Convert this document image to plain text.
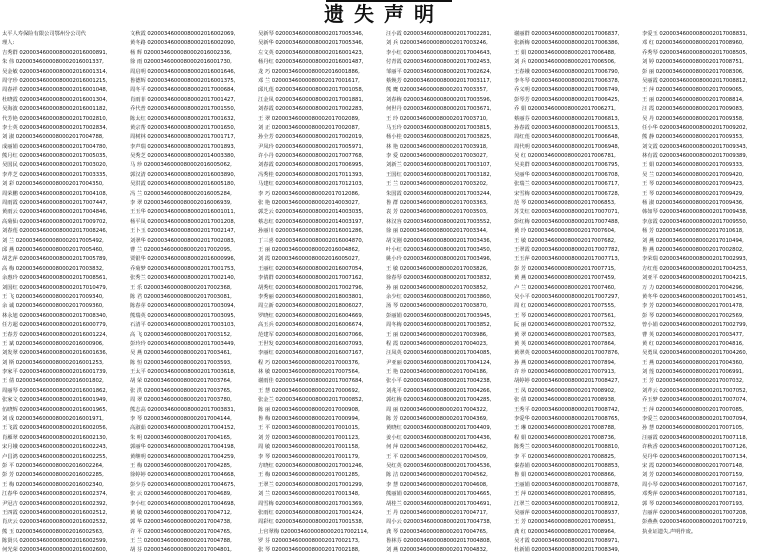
遗失声明
太平人寿保险有限公司鄂州分公司代
理人:
吉秀群 02000346000080002016000891,
朱 伟 02000346000080002016001337,
吴金敏 02000346000080002016001314,
周守珍 02000346000080002016001215,
周春祥 02000346000080002016001048,
杜晓霞 02000346000080002016001304,
吴海波 02000346000080002016001182,
代芳艳 02000346000080002017002810,
李士英 02000346000080002017002834,
刘 淑 02000346000080002017004788,
成丽娟 02000346000080002017004780,
熊月红 02000346000080002017005035,
吴国民 02000346000080002017003020,
李芹芝 02000346000080002017003335,
刘 彩 02000346000080002017004350,
周荣鹏 02000346000080002017004108,
周雨霞 02000346000080002017007447,
黄雨云 02000346000080002017004846,
高菊仙 02000346000080002017009702,
刘春莲 02000346000080002017008246,
刘 兰 02000346000080002017005492,
邱 燕 02000346000080002017005460,
胡艺萍 02000346000080002017005789,
高 梅 02000346000080002017003832,
余惠玲 02000346000080002017008561,
刘国红 02000346000080002017010479,
王 飞 02000346000080002017009340,
余 诚 02000346000080002017009360,
林永旭 02000346000080002017008340,
任方超 02000346000080002016000779,
王春芳 02000346000080002016001224,
王 斌 02000346000080002016000906,
刘发翠 02000346000080002016001636,
刘 斯 02000346000080002016001253,
李家平 02000346000080002016001739,
王 倩 02000346000080002016001802,
周丽琴 02000346000080002016001862,
张家文 02000346000080002016001949,
伍晓辉 02000346000080002016001965,
刘 成 02000346000080002016001971,
王飞霞 02000346000080002016002056,
肖雁翠 02000346000080002016002130,
宋月娥 02000346000080002016002243,
卢昌鸿 02000346000080002016002255,
彭 平 02000346000080002016002264,
彭 芳 02000346000080002016002285,
王 梅 02000346000080002016002340,
江春华 02000346000080002016002374,
尹冠吉 02000346000080002016002392,
王四霞 02000346000080002016002512,
肖庆云 02000346000080002016002532,
熊 玉 02000346000080002016002563,
陈贤兴 02000346000080002016002599,
何光荣 02000346000080002016002600,
文秋霞 02000346000080002016002069,
黄冬路 02000346000080002016002090,
杨 辉 02000346000080002016002336,
徐 雨 02000346000080002016001730,
周启明 02000346000080002016001646,
鲁德辉 02000346000080002016001375,
周冬平 02000346000080002017000684,
肖雨菲 02000346000080002017001427,
乔代普 02000346000080002017001550,
陈太红 02000346000080002017001632,
黄宗帮 02000346000080002017001650,
周树林 02000346000080002017001717,
李声瑞 02000346000080002017001893,
吴秀芝 02000346000080002014003380,
马 珍 02000346000080002016005062,
郭汉清 02000346000080002016003890,
吴洪霞 02000346000080002016005180,
冯 兰 02000346000080002016005284,
李 翠 02000346000080002016006939,
王玉华 02000346000080002016001011,
杨平凤 02000346000080002017001208,
王卜玉 02000346000080002017002147,
刘翠华 02000346000080002017002083,
曹 兰 02000346000080002017002095,
贾银华 02000346000080002016000996,
乔菊梦 02000346000080002017001753,
张秀兰 02000346000080002017002140,
王 乐 02000346000080002017002368,
陈 君 02000346000080002017003081,
陈春芽 02000346000080002017003094,
熊瑞英 02000346000080002017003095,
石清平 02000346000080002017003103,
高 飞 02000346000080002017003152,
彭玲玲 02000346000080002017003449,
吴 燕 02000346000080002017003461,
陈 恒 02000346000080002017003593,
王太平 02000346000080002017003618,
胡 荣 02000346000080002017003764,
张 洪 02000346000080002017003765,
周 翠 02000346000080002017003780,
熊志高 02000346000080002017003831,
李 琴 02000346000080002017004144,
高淑茹 02000346000080002017004152,
朱 明 02000346000080002017004165,
郭丽华 02000346000080002017004198,
黄继明 02000346000080002017004259,
王 梅 02000346000080002017004285,
徐婷婷 02000346000080002017004668,
彭少芬 02000346000080002017004675,
张 云 02000346000080002017004689,
李小红 02000346000080002017004698,
黄 敏 02000346000080002017004712,
郭 华 02000346000080002017004738,
许 平 02000346000080002017004765,
王 兰 02000346000080002017004788,
胡 芬 02000346000080002017004801,
吴新琴 02000346000080002017005346,
吴新华 02000346000080002017005346,
左文英 02000346000080002016001423,
杨丹红 02000346000080002016001487,
龙 巧 02000346000080002016001886,
邓 兰 02000346000080002017001617,
邱凡莲 02000346000080002017001058,
江金凤 02000346000080002017001881,
刘春霞 02000346000080002017002283,
王 翠 02000346000080002017002089,
刘 正 02000346000080002017002087,
孙全芳 02000346000080002017002019,
尹凤玲 02000346000080002017005971,
许小丹 02000346000080002017007768,
刘春霞 02000346000080002017006995,
冯秀桂 02000346000080002017011393,
马建红 02000346000080002017012103,
李 巧 02000346000080002017012086,
张 艳 02000346000080002014003027,
郭芝云 02000346000080002014003035,
蔡志红 02000346000080002014003197,
孙丽川 02000346000080002016001286,
丁三喜 02000346000080002016004870,
王 丽 02000346000080002016004862,
刘 霞 02000346000080002016005027,
王丽红 02000346000080002016007054,
李倩群 02000346000080002017007162,
胡秀红 02000346000080002017002796,
李秀丽 02000346000080002018003801,
周立新 02000346000080002018006027,
罗晓红 02000346000080002016004669,
高玉兵 02000346000080002016006674,
范建军 02000346000080002016007066,
王世发 02000346000080002016007093,
李丽红 02000346000080002016007167,
程 巧 02000346000080002017000376,
林 敏 02000346000080002017007564,
谢雨佳 02000346000080002017007684,
王 慧 02000346000080002017000692,
张金兰 02000346000080002017000852,
陈 丽 02000346000080002017000908,
鲁 梅 02000346000080002017000994,
王 平 02000346000080002017001015,
刘 芳 02000346000080002017001123,
周 敏 02000346000080002017001158,
李 琴 02000346000080002017001179,
方晓红 02000346000080002017001246,
王 梅 02000346000080002017001285,
王翠兰 02000346000080002017001299,
刘 兰 02000346000080002017001348,
周雪梅 02000346000080002017001369,
张雨红 02000346000080002017001424,
周彩红 02000346000080002017001538,
上官翠梅 02000346000080002017002114,
罗 芬 02000346000080002017002173,
张 琴 02000346000080002017002188,
汪小霞 02000346000080002017002281,
刘 兵 02000346000080002017003246,
李小红 02000346000080002017004643,
付青霞 02000346000080002017002453,
邹丽平 02000346000080002017002624,
蔡焕芳 02000346000080002017003117,
熊 鹰 02000346000080002017003357,
刘春梅 02000346000080002017003596,
何世丹 02000346000080002017003671,
王 玲 02000346000080002017003710,
马玉玲 02000346000080002017003815,
杨小桂 02000346000080002017003825,
林 艳 02000346000080002017003918,
李 爱 02000346000080002017003027,
刘新兰 02000346000080002017003107,
王国红 02000346000080002017003182,
王 兰 02000346000080002017003202,
朱国霞 02000346000080002017003244,
鲁 群 02000346000080002017003363,
袁 芳 02000346000080002017003503,
林汉容 02000346000080002017003552,
徐 丽 02000346000080002017003344,
胡文刚 02000346000080002017003436,
叶小红 02000346000080002017003450,
姚小玲 02000346000080002017003496,
王 敏 02000346000080002017003826,
徐春琴 02000346000080002017003832,
孙 丽 02000346000080002017003852,
余少红 02000346000080002017003860,
汤 琴 02000346000080002017003870,
彭丽娟 02000346000080002017003945,
周冬梅 02000346000080002017003852,
王 丽 02000346000080002017003986,
程 霞 02000346000080002017004023,
汪凤英 02000346000080002017004085,
尹亚丽 02000346000080002017004124,
王 艳 02000346000080002017004186,
张小平 02000346000080002017004238,
刘兆平 02000346000080002017004266,
郭红梅 02000346000080002017004285,
周 丽 02000346000080002017004322,
陈 芳 02000346000080002017004369,
黄晓红 02000346000080002017004409,
姜小红 02000346000080002017004436,
何 萍 02000346000080002017004462,
王 平 02000346000080002017004509,
吴红英 02000346000080002017004536,
陈 洁 02000346000080002017004562,
李 慧 02000346000080002017004608,
熊丽娟 02000346000080002017004665,
胡桂兰 02000346000080002017004691,
王 丹 02000346000080002017004717,
周小云 02000346000080002017004738,
龚 琴 02000346000080002017004765,
鲁林芬 02000346000080002017004808,
刘 燕 02000346000080002017004832,
谢丽群 02000346000080002017006837,
张新梅 02000346000080002017006386,
王 娟 02000346000080002017006488,
刘 兵 02000346000080002017006506,
王春娥 02000346000080002017006790,
李冬琴 02000346000080002017006378,
乔义明 02000346000080002017006749,
彭琴芳 02000346000080002017006425,
乔 娟 02000346000080002017006271,
蔡丽芬 02000346000080002017006813,
孙春霞 02000346000080002017006513,
周红莲 02000346000080002017006648,
周代明 02000346000080002017006948,
吴 红 02000346000080002017006781,
吴美群 02000346000080002017006795,
吴丽华 02000346000080002017006708,
张瑞兰 02000346000080002017006717,
宋雪梅 02000346000080002017006728,
范 琴 02000346000080002017006853,
苏艾红 02000346000080002017007071,
彭红梅 02000346000080002017007488,
黄 玲 02000346000080002017007604,
王 敏 02000346000080002017007682,
王翠霞 02000346000080002017007782,
王玉萍 02000346000080002017007713,
彭 芳 02000346000080002017007715,
黄 燕 02000346000080002017007459,
卢 兰 02000346000080002017007460,
吴小平 02000346000080002017007297,
周 红 02000346000080002017007555,
王 琴 02000346000080002017007561,
阮 丽 02000346000080002017007532,
黄 翠 02000346000080002017007583,
黄 英 02000346000080002017007864,
黄翠英 02000346000080002017007876,
孙 燕 02000346000080002017007894,
许 珍 02000346000080002017007913,
胡婷婷 02000346000080002017008427,
王 凤 02000346000080002017008902,
张 倩 02000346000080002017008938,
王秀平 02000346000080002017008742,
李爱华 02000346000080002017008765,
王 琳 02000346000080002017008788,
程 娟 02000346000080002017008736,
陈秀兰 02000346000080002017008810,
李 平 02000346000080002017008825,
秦春娟 02000346000080002017008853,
鲁 娟 02000346000080002017008866,
王丽娟 02000346000080002017008878,
王 萍 02000346000080002017008895,
江翠兰 02000346000080002017008912,
吴丽萍 02000346000080002017008937,
王 芳 02000346000080002017008951,
龚 红 02000346000080002017008964,
吴才霞 02000346000080002017008971,
杜新娟 02000346000080002017008349,
李爱玉 02000346000080002017008831,
邓 红 02000346000080002017008960,
乔秀琴 02000346000080002017008505,
刘 婷 02000346000080002017008751,
彭 丽 02000346000080002017008306,
吴丽霞 02000346000080002017008812,
王 萍 02000346000080002017009065,
王 丽 02000346000080002017008814,
汪 霞 02000346000080002017009083,
吴 丹 02000346000080002017009358,
任小华 02000346000080002017009202,
熊 静 02000346000080002017009353,
刘文霞 02000346000080002017009343,
林有霞 02000346000080002017009389,
王 娟 02000346000080002017009333,
吴 兰 02000346000080002017009420,
王 琴 02000346000080002017009423,
王 琴 02000346000080002017009429,
杨 淑 02000346000080002017009436,
韩如琴 02000346000080002017009438,
李彦霞 02000346000080002017009550,
杨 芳 02000346000080002017010618,
刘 燕 02000346000080002017010494,
鲁 燕 02000346000080002017002802,
李荣瑞 02000346000080002017002993,
方红莲 02000346000080002017004253,
刘亚平 02000346000080002017004215,
万 力 02000346000080002017004296,
黄冬华 02000346000080002017001451,
李 芳 02000346000080002017001478,
彭 琴 02000346000080002017002569,
曾小娟 02000346000080002017002799,
曹 英 02000346000080002017003477,
黄 红 02000346000080002017004816,
吴勇凤 02000346000080002017004260,
王 燕 02000346000080002017004360,
刘 莲 02000346000080002017006991,
王 芳 02000346000080002017007032,
刘芹云 02000346000080002017007052,
乔玉梦 02000346000080002017007074,
王 萍 02000346000080002017007085,
李爱兰 02000346000080002017007094,
孙 慧 02000346000080002017007105,
汪丽霞 02000346000080002017007118,
许秋香 02000346000080002017007126,
吴丹华 02000346000080002017007134,
宋 霞 02000346000080002017007148,
刘 芳 02000346000080002017007159,
周小琴 02000346000080002017007167,
邓秀萍 02000346000080002017007181,
郭 琴 02000346000080002017007193,
吉丽萍 02000346000080002017007208,
彭燕燕 02000346000080002017007219,
执业证遗失,声明作废。
